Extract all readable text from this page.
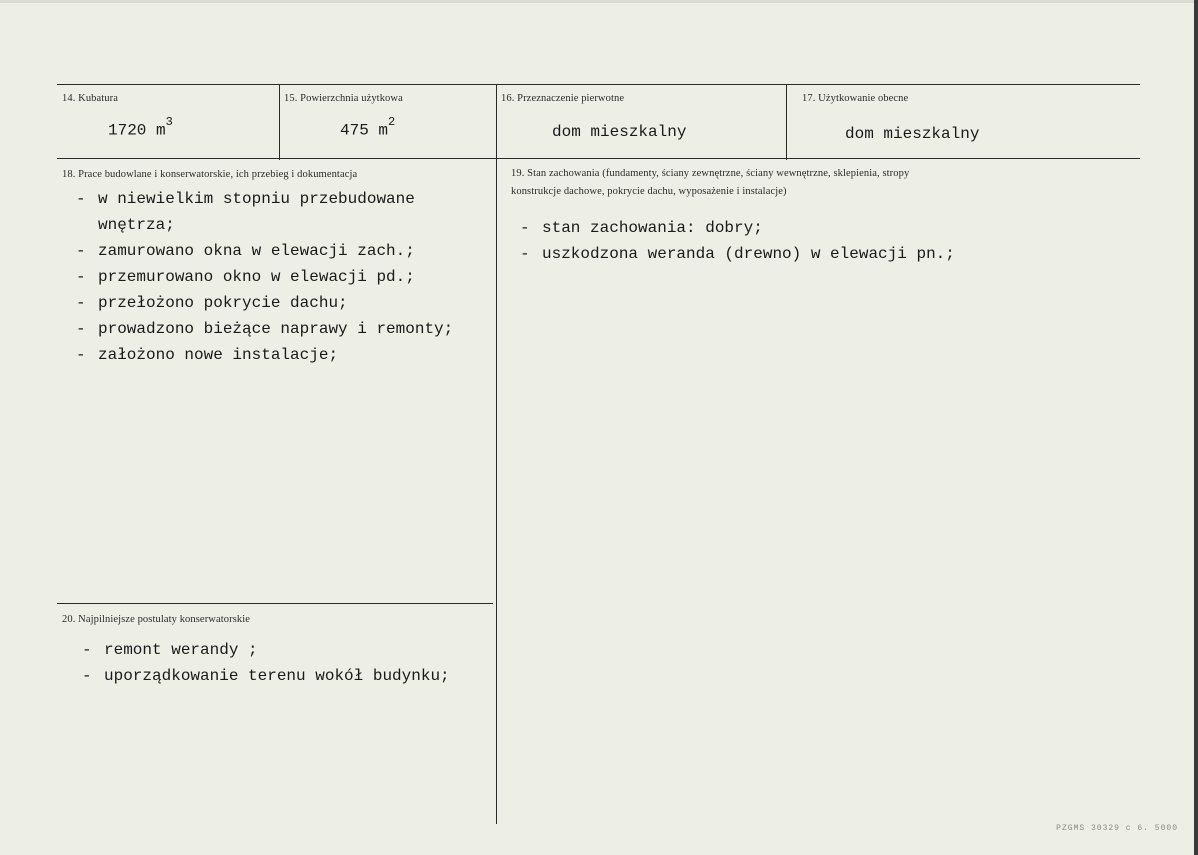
14. Kubatura
1720 $m^3$
15. Powierzchnia użytkowa
475 $m^2$
16. Przeznaczenie pierwotne
dom mieszkalny
17. Użytkowanie obecne
dom mieszkalny
18. Prace budowlane i konserwatorskie, ich przebieg i dokumentacja
- w niewielkim stopniu przebudowane
wnętrza;
- zamurowano okna w elewacji zach.;
- przemurowano okno w elewacji pd.;
- przełożono pokrycie dachu;
- prowadzono bieżące naprawy i remonty;
- założono nowe instalacje;
19. Stan zachowania (fundamenty, ściany zewnętrzne, ściany wewnętrzne, sklepienia, stropy
konstrukcje dachowe, pokrycie dachu, wyposażenie i instalacje)
- stan zachowania: dobry;
- uszkodzona weranda (drewno) w elewacji pn.;
20. Najpilniejsze postulaty konserwatorskie
- remont werandy ;
- uporządkowanie terenu wokół budynku;
PZGMS 30329 c 6. 5000
